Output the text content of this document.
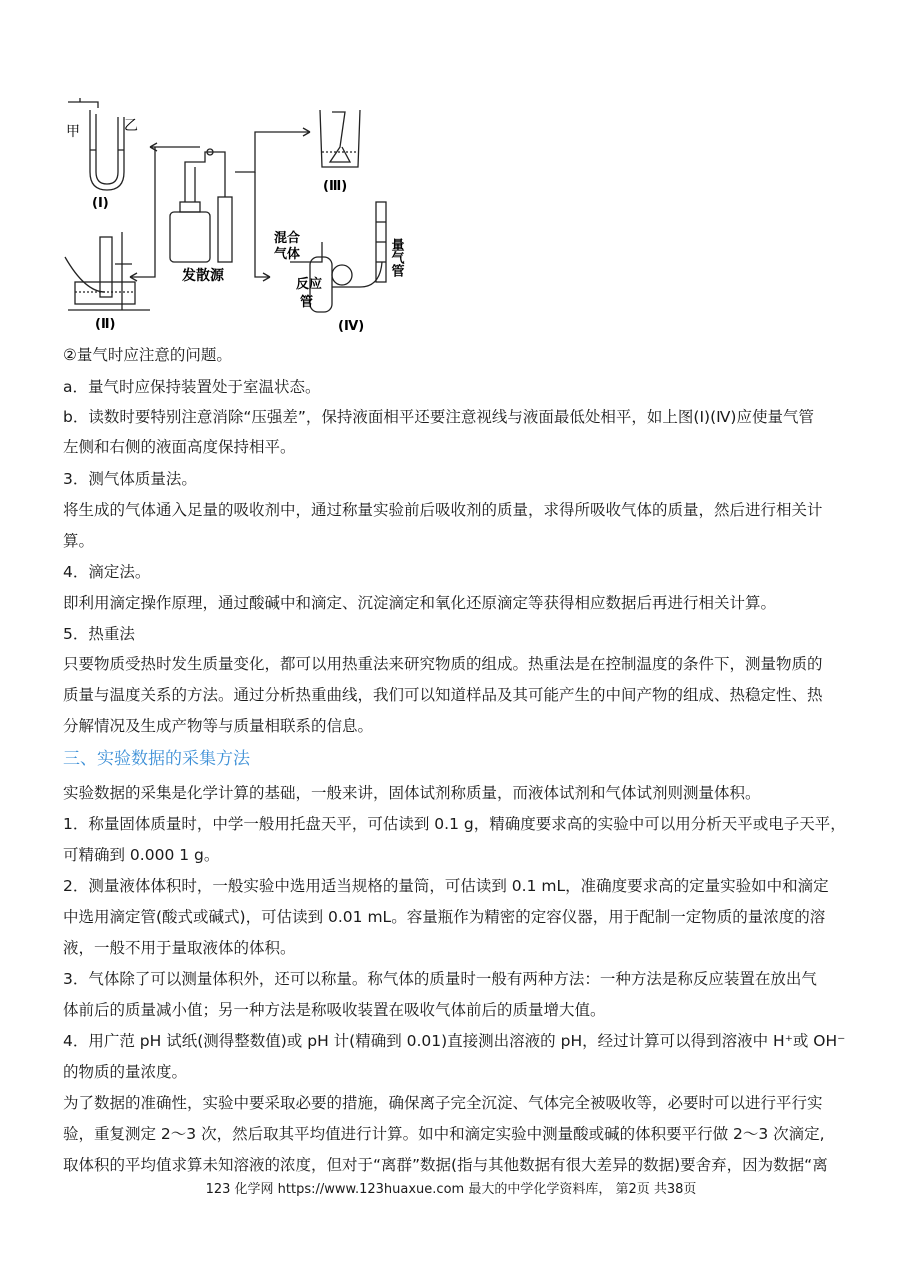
甲	乙
(Ⅰ)
(Ⅱ)
(Ⅲ)
(Ⅳ)
发散源
混合
气体
反应
管
量气管
②量气时应注意的问题。
a．量气时应保持装置处于室温状态。
b．读数时要特别注意消除“压强差”，保持液面相平还要注意视线与液面最低处相平，如上图(Ⅰ)(Ⅳ)应使量气管
左侧和右侧的液面高度保持相平。
3．测气体质量法。
将生成的气体通入足量的吸收剂中，通过称量实验前后吸收剂的质量，求得所吸收气体的质量，然后进行相关计
算。
4．滴定法。
即利用滴定操作原理，通过酸碱中和滴定、沉淀滴定和氧化还原滴定等获得相应数据后再进行相关计算。
5．热重法
只要物质受热时发生质量变化，都可以用热重法来研究物质的组成。热重法是在控制温度的条件下，测量物质的
质量与温度关系的方法。通过分析热重曲线，我们可以知道样品及其可能产生的中间产物的组成、热稳定性、热
分解情况及生成产物等与质量相联系的信息。
三、实验数据的采集方法
实验数据的采集是化学计算的基础，一般来讲，固体试剂称质量，而液体试剂和气体试剂则测量体积。
1．称量固体质量时，中学一般用托盘天平，可估读到 0.1 g，精确度要求高的实验中可以用分析天平或电子天平，
可精确到 0.000 1 g。
2．测量液体体积时，一般实验中选用适当规格的量筒，可估读到 0.1 mL，准确度要求高的定量实验如中和滴定
中选用滴定管(酸式或碱式)，可估读到 0.01 mL。容量瓶作为精密的定容仪器，用于配制一定物质的量浓度的溶
液，一般不用于量取液体的体积。
3．气体除了可以测量体积外，还可以称量。称气体的质量时一般有两种方法：一种方法是称反应装置在放出气
体前后的质量减小值；另一种方法是称吸收装置在吸收气体前后的质量增大值。
4．用广范 pH 试纸(测得整数值)或 pH 计(精确到 0.01)直接测出溶液的 pH，经过计算可以得到溶液中 H⁺或 OH⁻
的物质的量浓度。
为了数据的准确性，实验中要采取必要的措施，确保离子完全沉淀、气体完全被吸收等，必要时可以进行平行实
验，重复测定 2～3 次，然后取其平均值进行计算。如中和滴定实验中测量酸或碱的体积要平行做 2～3 次滴定,
取体积的平均值求算未知溶液的浓度，但对于“离群”数据(指与其他数据有很大差异的数据)要舍弃，因为数据“离
123 化学网 https://www.123huaxue.com 最大的中学化学资料库， 第2页 共38页
